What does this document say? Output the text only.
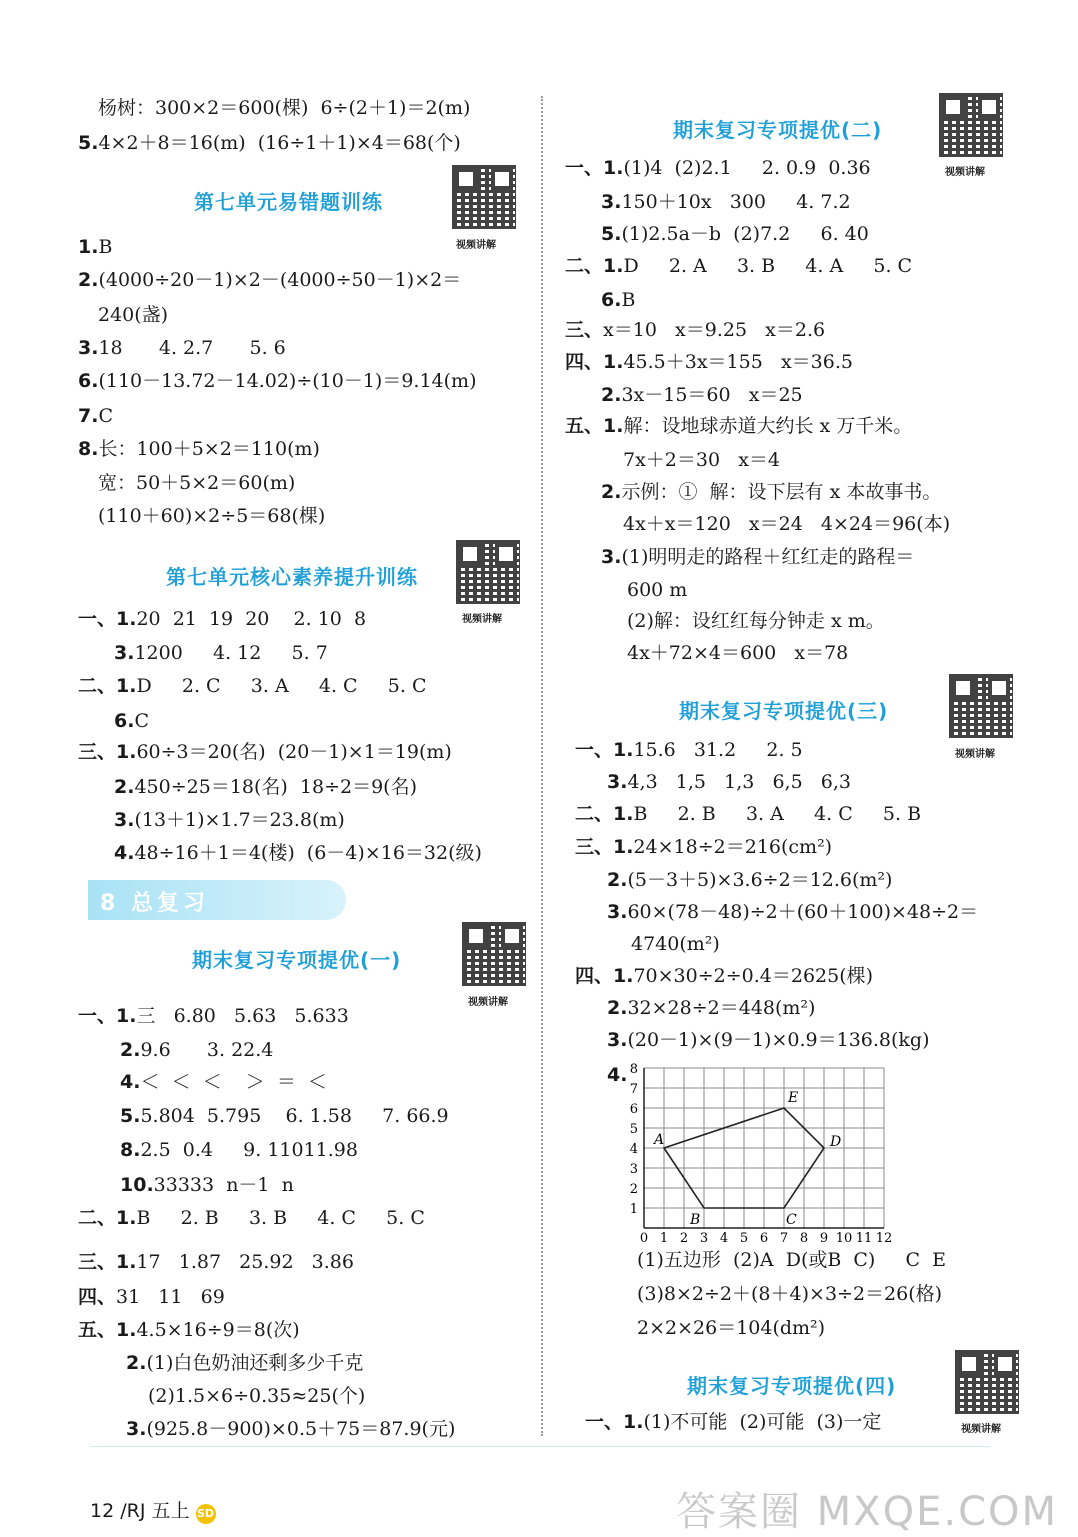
杨树：300×2＝600(棵)  6÷(2＋1)＝2(m)
5.4×2＋8＝16(m)  (16÷1＋1)×4＝68(个)
第七单元易错题训练
视频讲解
1.B
2.(4000÷20－1)×2－(4000÷50－1)×2＝
240(盏)
3.18      4. 2.7      5. 6
6.(110－13.72－14.02)÷(10－1)＝9.14(m)
7.C
8.长：100＋5×2＝110(m)
宽：50＋5×2＝60(m)
(110＋60)×2÷5＝68(棵)
第七单元核心素养提升训练
视频讲解
一、1.20  21  19  20    2. 10  8
3.1200     4. 12     5. 7
二、1.D     2. C     3. A     4. C     5. C
6.C
三、1.60÷3＝20(名)  (20－1)×1＝19(m)
2.450÷25＝18(名)  18÷2＝9(名)
3.(13＋1)×1.7＝23.8(m)
4.48÷16＋1＝4(楼)  (6－4)×16＝32(级)
8 总复习
期末复习专项提优(一)
视频讲解
一、1.三   6.80   5.63   5.633
2.9.6      3. 22.4
4.＜  ＜  ＜    ＞  ＝  ＜
5.5.804  5.795    6. 1.58     7. 66.9
8.2.5  0.4     9. 11011.98
10.33333  n－1  n
二、1.B     2. B     3. B     4. C     5. C
三、1.17   1.87   25.92   3.86
四、31   11   69
五、1.4.5×16÷9＝8(次)
2.(1)白色奶油还剩多少千克
(2)1.5×6÷0.35≈25(个)
3.(925.8－900)×0.5＋75＝87.9(元)
期末复习专项提优(二)
视频讲解
一、1.(1)4  (2)2.1     2. 0.9  0.36
3.150＋10x   300     4. 7.2
5.(1)2.5a－b  (2)7.2     6. 40
二、1.D     2. A     3. B     4. A     5. C
6.B
三、x＝10   x＝9.25   x＝2.6
四、1.45.5＋3x＝155   x＝36.5
2.3x－15＝60   x＝25
五、1.解：设地球赤道大约长 x 万千米。
7x＋2＝30   x＝4
2.示例：①  解：设下层有 x 本故事书。
4x＋x＝120   x＝24   4×24＝96(本)
3.(1)明明走的路程＋红红走的路程＝
600 m
(2)解：设红红每分钟走 x m。
4x＋72×4＝600   x＝78
期末复习专项提优(三)
视频讲解
一、1.15.6   31.2     2. 5
3.4,3   1,5   1,3   6,5   6,3
二、1.B     2. B     3. A     4. C     5. B
三、1.24×18÷2＝216(cm²)
2.(5－3＋5)×3.6÷2＝12.6(m²)
3.60×(78－48)÷2＋(60＋100)×48÷2＝
4740(m²)
四、1.70×30÷2÷0.4＝2625(棵)
2.32×28÷2＝448(m²)
3.(20－1)×(9－1)×0.9＝136.8(kg)
4.
(1)五边形  (2)A  D(或B  C)     C  E
(3)8×2÷2＋(8＋4)×3÷2＝26(格)
2×2×26＝104(dm²)
期末复习专项提优(四)
视频讲解
一、1.(1)不可能  (2)可能  (3)一定
0 1 2 3 4 5 6 7 8 9 10 11 12
1
2
3
4
5
6
7
8
A
E
D
C
B
12 /RJ 五上 SD	答案圈 MXQE.COM
